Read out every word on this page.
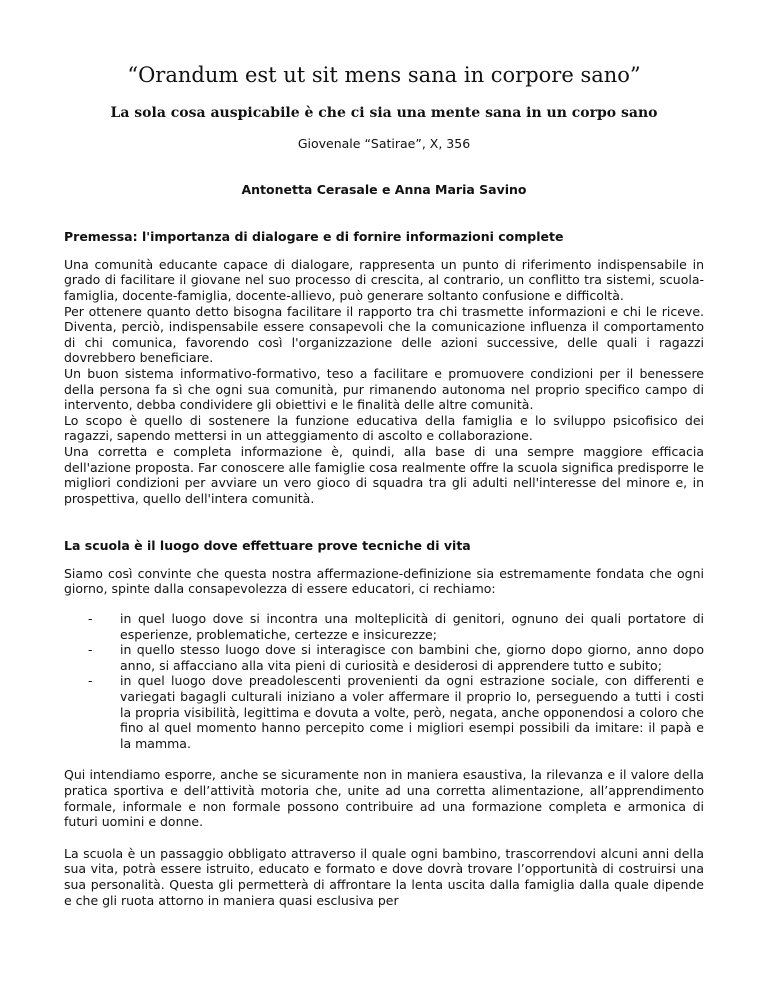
“Orandum est ut sit mens sana in corpore sano”

La sola cosa auspicabile è che ci sia una mente sana in un corpo sano

Giovenale “Satirae”, X, 356

Antonetta Cerasale e Anna Maria Savino

Premessa: l'importanza di dialogare e di fornire informazioni complete

Una comunità educante capace di dialogare, rappresenta un punto di riferimento indispensabile in grado di facilitare il giovane nel suo processo di crescita, al contrario, un conflitto tra sistemi, scuola-famiglia, docente-famiglia, docente-allievo, può generare soltanto confusione e difficoltà.

Per ottenere quanto detto bisogna facilitare il rapporto tra chi trasmette informazioni e chi le riceve. Diventa, perciò, indispensabile essere consapevoli che la comunicazione influenza il comportamento di chi comunica, favorendo così l'organizzazione delle azioni successive, delle quali i ragazzi dovrebbero beneficiare.

Un buon sistema informativo-formativo, teso a facilitare e promuovere condizioni per il benessere della persona fa sì che ogni sua comunità, pur rimanendo autonoma nel proprio specifico campo di intervento, debba condividere gli obiettivi e le finalità delle altre comunità.

Lo scopo è quello di sostenere la funzione educativa della famiglia e lo sviluppo psicofisico dei ragazzi, sapendo mettersi in un atteggiamento di ascolto e collaborazione.

Una corretta e completa informazione è, quindi, alla base di una sempre maggiore efficacia dell'azione proposta. Far conoscere alle famiglie cosa realmente offre la scuola significa predisporre le migliori condizioni per avviare un vero gioco di squadra tra gli adulti nell'interesse del minore e, in prospettiva, quello dell'intera comunità.

La scuola è il luogo dove effettuare prove tecniche di vita

Siamo così convinte che questa nostra affermazione-definizione sia estremamente fondata che ogni giorno, spinte dalla consapevolezza di essere educatori, ci rechiamo:

- in quel luogo dove si incontra una molteplicità di genitori, ognuno dei quali portatore di esperienze, problematiche, certezze e insicurezze;
- in quello stesso luogo dove si interagisce con bambini che, giorno dopo giorno, anno dopo anno, si affacciano alla vita pieni di curiosità e desiderosi di apprendere tutto e subito;
- in quel luogo dove preadolescenti provenienti da ogni estrazione sociale, con differenti e variegati bagagli culturali iniziano a voler affermare il proprio Io, perseguendo a tutti i costi la propria visibilità, legittima e dovuta a volte, però, negata, anche opponendosi a coloro che fino al quel momento hanno percepito come i migliori esempi possibili da imitare: il papà e la mamma.

Qui intendiamo esporre, anche se sicuramente non in maniera esaustiva, la rilevanza e il valore della pratica sportiva e dell’attività motoria che, unite ad una corretta alimentazione, all’apprendimento formale, informale e non formale possono contribuire ad una formazione completa e armonica di futuri uomini e donne.

La scuola è un passaggio obbligato attraverso il quale ogni bambino, trascorrendovi alcuni anni della sua vita, potrà essere istruito, educato e formato e dove dovrà trovare l’opportunità di costruirsi una sua personalità. Questa gli permetterà di affrontare la lenta uscita dalla famiglia dalla quale dipende e che gli ruota attorno in maniera quasi esclusiva per
